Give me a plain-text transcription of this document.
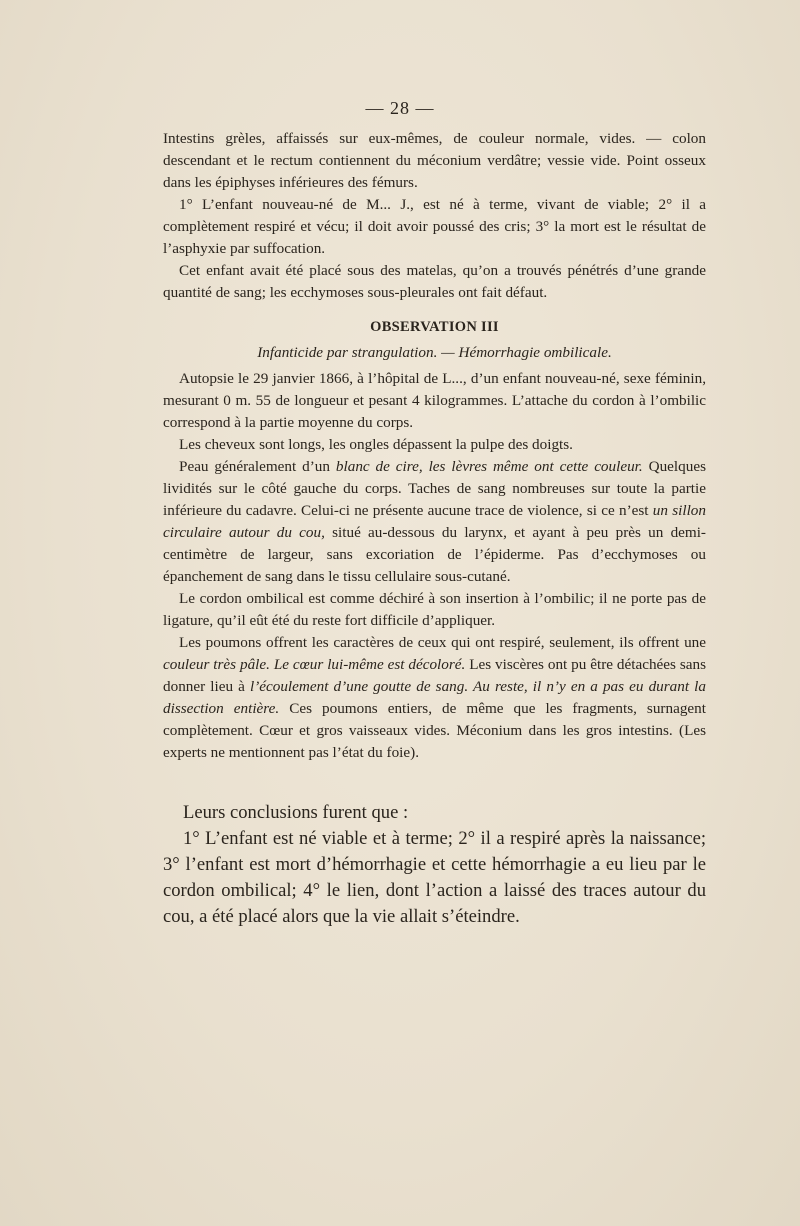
— 28 —

Intestins grèles, affaissés sur eux-mêmes, de couleur normale, vides. — colon descendant et le rectum contiennent du méconium verdâtre; vessie vide. Point osseux dans les épiphyses inférieures des fémurs.

1° L’enfant nouveau-né de M... J., est né à terme, vivant de viable; 2° il a complètement respiré et vécu; il doit avoir poussé des cris; 3° la mort est le résultat de l’asphyxie par suffocation.

Cet enfant avait été placé sous des matelas, qu’on a trouvés pénétrés d’une grande quantité de sang; les ecchymoses sous-pleurales ont fait défaut.

OBSERVATION III
Infanticide par strangulation. — Hémorrhagie ombilicale.

Autopsie le 29 janvier 1866, à l’hôpital de L..., d’un enfant nouveau-né, sexe féminin, mesurant 0 m. 55 de longueur et pesant 4 kilogrammes. L’attache du cordon à l’ombilic correspond à la partie moyenne du corps.

Les cheveux sont longs, les ongles dépassent la pulpe des doigts.

Peau généralement d’un blanc de cire, les lèvres même ont cette couleur. Quelques lividités sur le côté gauche du corps. Taches de sang nombreuses sur toute la partie inférieure du cadavre. Celui-ci ne présente aucune trace de violence, si ce n’est un sillon circulaire autour du cou, situé au-dessous du larynx, et ayant à peu près un demi-centimètre de largeur, sans excoriation de l’épiderme. Pas d’ecchymoses ou épanchement de sang dans le tissu cellulaire sous-cutané.

Le cordon ombilical est comme déchiré à son insertion à l’ombilic; il ne porte pas de ligature, qu’il eût été du reste fort difficile d’appliquer.

Les poumons offrent les caractères de ceux qui ont respiré, seulement, ils offrent une couleur très pâle. Le cœur lui-même est décoloré. Les viscères ont pu être détachées sans donner lieu à l’écoulement d’une goutte de sang. Au reste, il n’y en a pas eu durant la dissection entière. Ces poumons entiers, de même que les fragments, surnagent complètement. Cœur et gros vaisseaux vides. Méconium dans les gros intestins. (Les experts ne mentionnent pas l’état du foie).

Leurs conclusions furent que :

1° L’enfant est né viable et à terme; 2° il a respiré après la naissance; 3° l’enfant est mort d’hémorrhagie et cette hémorrhagie a eu lieu par le cordon ombilical; 4° le lien, dont l’action a laissé des traces autour du cou, a été placé alors que la vie allait s’éteindre.
